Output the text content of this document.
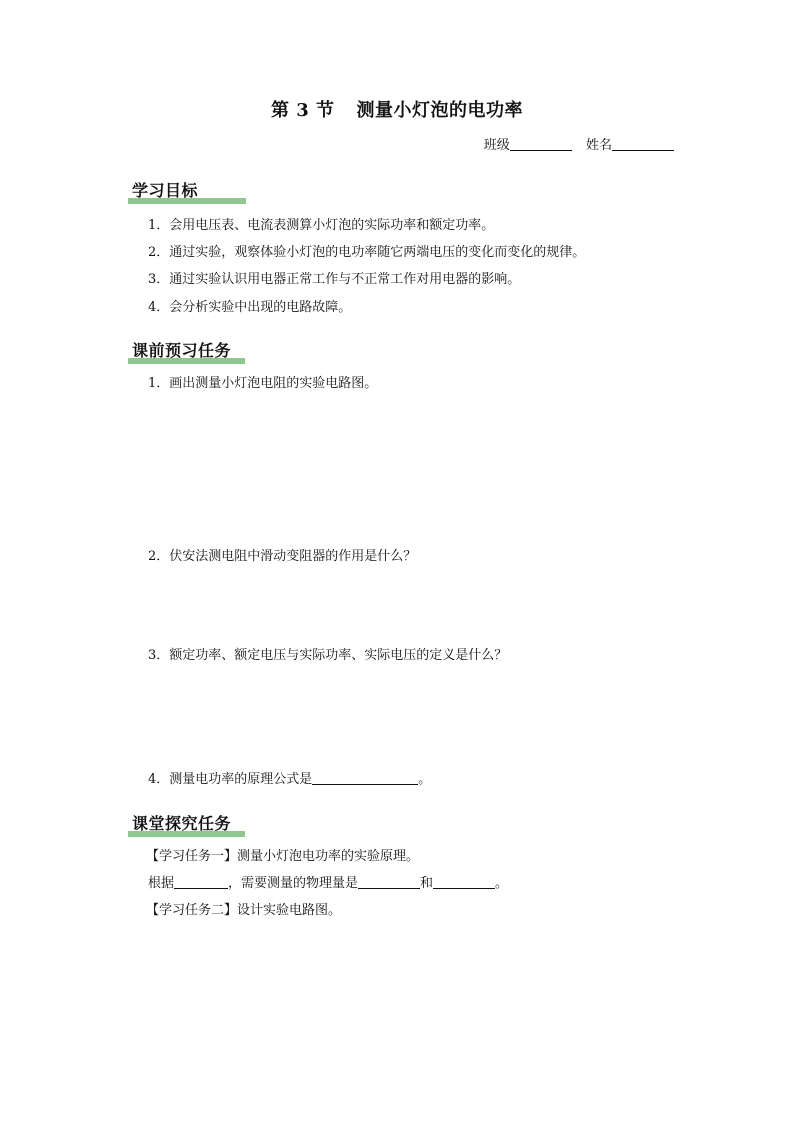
第 3 节 测量小灯泡的电功率
班级	姓名
学习目标
1．会用电压表、电流表测算小灯泡的实际功率和额定功率。
2．通过实验，观察体验小灯泡的电功率随它两端电压的变化而变化的规律。
3．通过实验认识用电器正常工作与不正常工作对用电器的影响。
4．会分析实验中出现的电路故障。
课前预习任务
1．画出测量小灯泡电阻的实验电路图。
2．伏安法测电阻中滑动变阻器的作用是什么？
3．额定功率、额定电压与实际功率、实际电压的定义是什么？
4．测量电功率的原理公式是	。
课堂探究任务
【学习任务一】测量小灯泡电功率的实验原理。
根据	，需要测量的物理量是	和	。
【学习任务二】设计实验电路图。
